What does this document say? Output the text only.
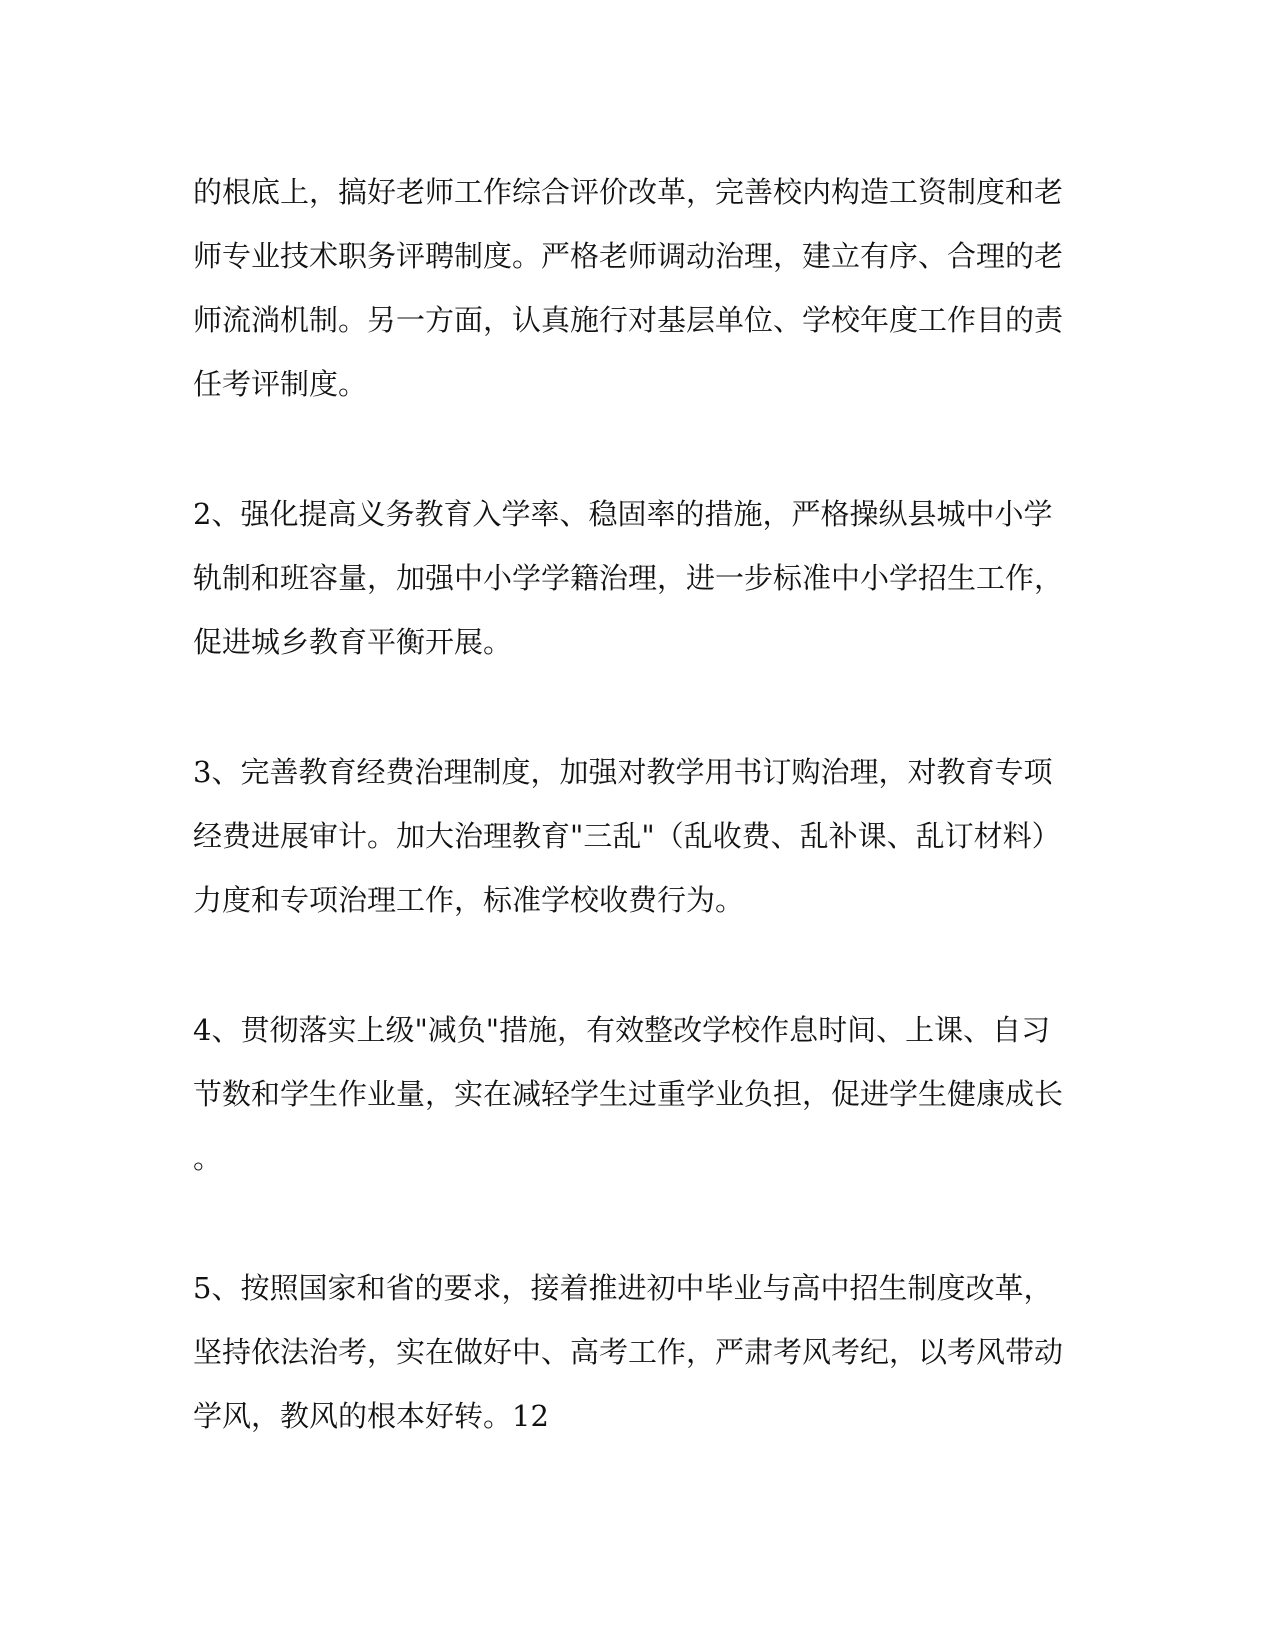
的根底上，搞好老师工作综合评价改革，完善校内构造工资制度和老
师专业技术职务评聘制度。严格老师调动治理，建立有序、合理的老
师流淌机制。另一方面，认真施行对基层单位、学校年度工作目的责
任考评制度。
2、强化提高义务教育入学率、稳固率的措施，严格操纵县城中小学
轨制和班容量，加强中小学学籍治理，进一步标准中小学招生工作，
促进城乡教育平衡开展。
3、完善教育经费治理制度，加强对教学用书订购治理，对教育专项
经费进展审计。加大治理教育"三乱"（乱收费、乱补课、乱订材料）
力度和专项治理工作，标准学校收费行为。
4、贯彻落实上级"减负"措施，有效整改学校作息时间、上课、自习
节数和学生作业量，实在减轻学生过重学业负担，促进学生健康成长
。
5、按照国家和省的要求，接着推进初中毕业与高中招生制度改革，
坚持依法治考，实在做好中、高考工作，严肃考风考纪，以考风带动
学风，教风的根本好转。12
